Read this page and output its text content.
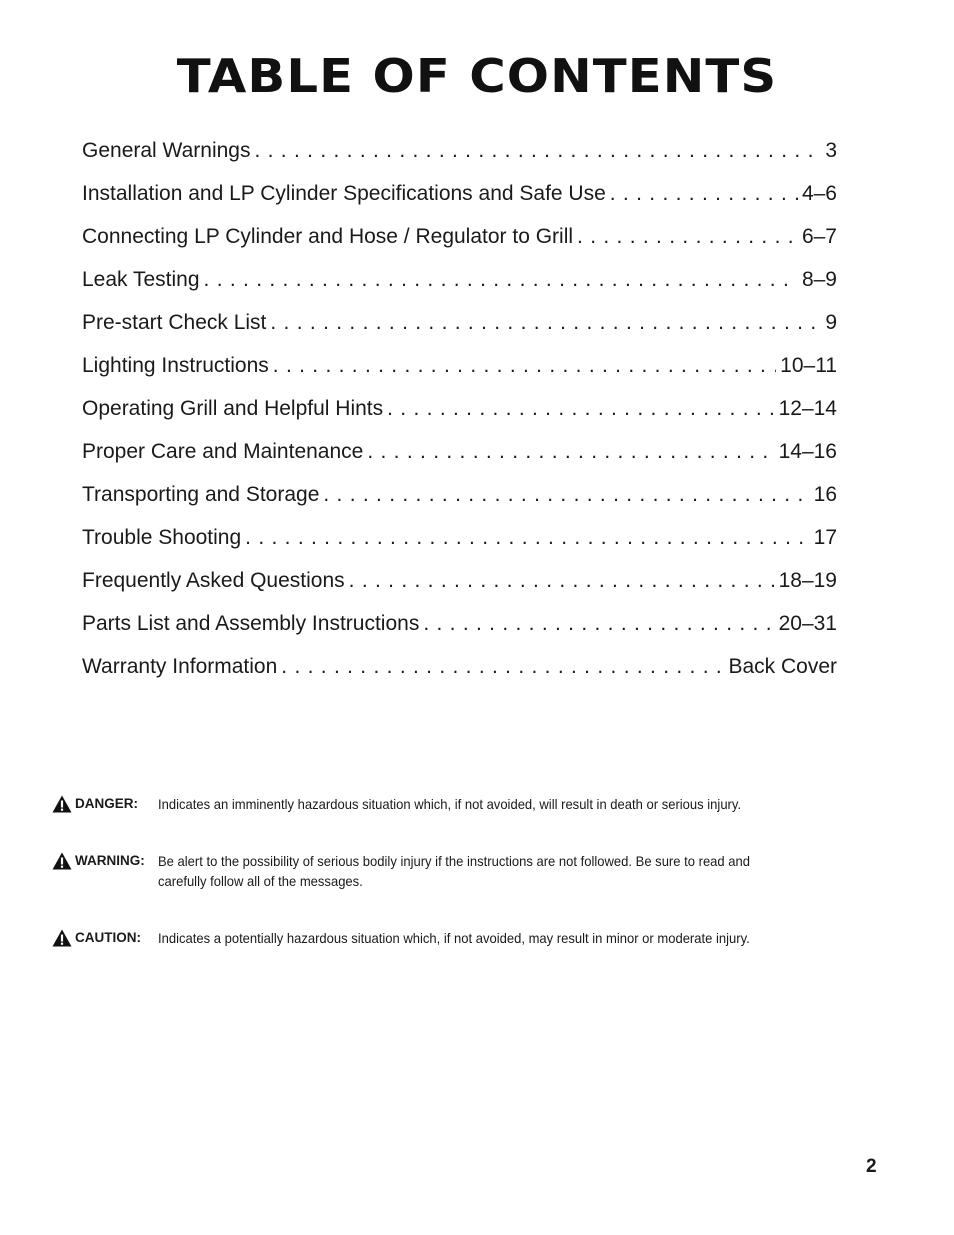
TABLE OF CONTENTS
General Warnings . . .	3
Installation and LP Cylinder Specifications and Safe Use . . .	4–6
Connecting LP Cylinder and Hose / Regulator to Grill . . .	6–7
Leak Testing . . .	8–9
Pre-start Check List . . .	9
Lighting Instructions . . .	10–11
Operating Grill and Helpful Hints . . .	12–14
Proper Care and Maintenance . . .	14–16
Transporting and Storage . . .	16
Trouble Shooting . . .	17
Frequently Asked Questions . . .	18–19
Parts List and Assembly Instructions . . .	20–31
Warranty Information . . .	Back Cover
DANGER: Indicates an imminently hazardous situation which, if not avoided, will result in death or serious injury.
WARNING: Be alert to the possibility of serious bodily injury if the instructions are not followed. Be sure to read and carefully follow all of the messages.
CAUTION: Indicates a potentially hazardous situation which, if not avoided, may result in minor or moderate injury.
2
